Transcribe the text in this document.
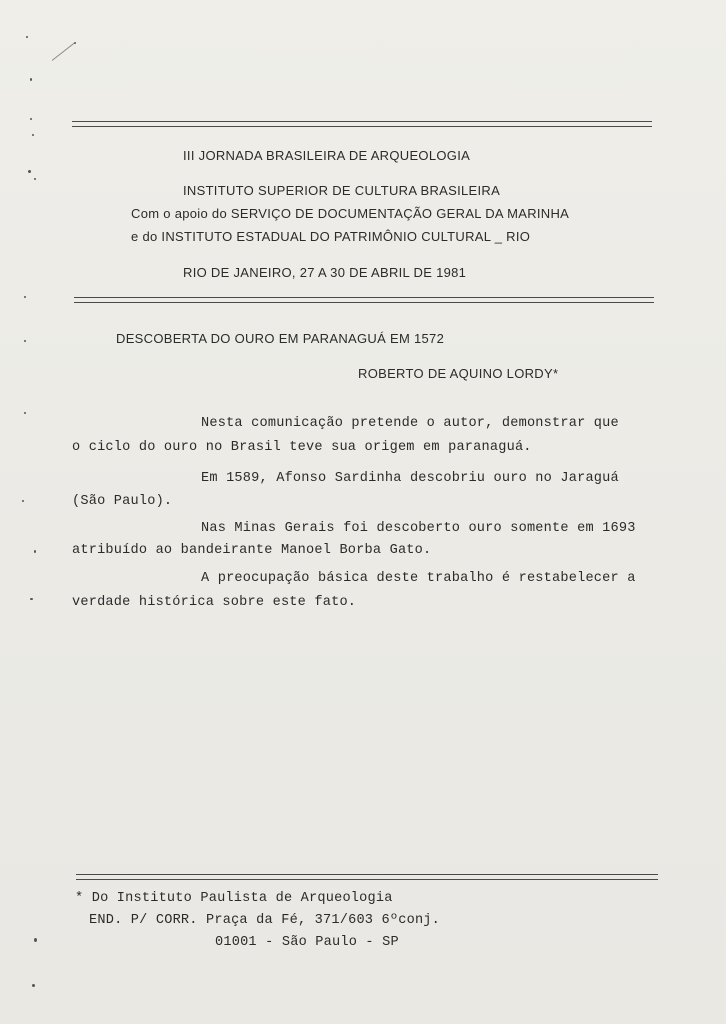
III JORNADA BRASILEIRA DE ARQUEOLOGIA
INSTITUTO SUPERIOR DE CULTURA BRASILEIRA
Com o apoio do SERVIÇO DE DOCUMENTAÇÃO GERAL DA MARINHA
e do INSTITUTO ESTADUAL DO PATRIMÔNIO CULTURAL _ RIO
RIO DE JANEIRO, 27 A 30 DE ABRIL DE 1981
DESCOBERTA DO OURO EM PARANAGUÁ EM 1572
ROBERTO DE AQUINO LORDY*
Nesta comunicação pretende o autor, demonstrar que
o ciclo do ouro no Brasil teve sua origem em paranaguá.
Em 1589, Afonso Sardinha descobriu ouro no Jaraguá
(São Paulo).
Nas Minas Gerais foi descoberto ouro somente em 1693
atribuído ao bandeirante Manoel Borba Gato.
A preocupação básica deste trabalho é restabelecer a
verdade histórica sobre este fato.
* Do Instituto Paulista de Arqueologia
END. P/ CORR. Praça da Fé, 371/603 6ºconj.
01001 - São Paulo - SP
